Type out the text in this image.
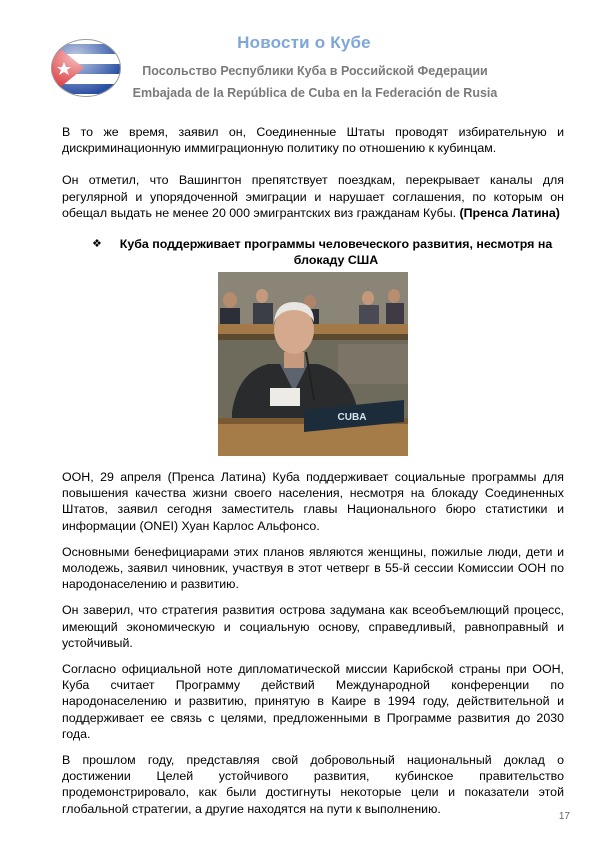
Новости о Кубе
Посольство Республики Куба в Российской Федерации
Embajada de la República de Cuba en la Federación de Rusia

В то же время, заявил он, Соединенные Штаты проводят избирательную и дискриминационную иммиграционную политику по отношению к кубинцам.

Он отметил, что Вашингтон препятствует поездкам, перекрывает каналы для регулярной и упорядоченной эмиграции и нарушает соглашения, по которым он обещал выдать не менее 20 000 эмигрантских виз гражданам Кубы. (Пренса Латина)

❖	Куба поддерживает программы человеческого развития, несмотря на блокаду США
CUBA

ООН, 29 апреля (Пренса Латина) Куба поддерживает социальные программы для повышения качества жизни своего населения, несмотря на блокаду Соединенных Штатов, заявил сегодня заместитель главы Национального бюро статистики и информации (ONEI) Хуан Карлос Альфонсо.

Основными бенефициарами этих планов являются женщины, пожилые люди, дети и молодежь, заявил чиновник, участвуя в этот четверг в 55-й сессии Комиссии ООН по народонаселению и развитию.

Он заверил, что стратегия развития острова задумана как всеобъемлющий процесс, имеющий экономическую и социальную основу, справедливый, равноправный и устойчивый.

Согласно официальной ноте дипломатической миссии Карибской страны при ООН, Куба считает Программу действий Международной конференции по народонаселению и развитию, принятую в Каире в 1994 году, действительной и поддерживает ее связь с целями, предложенными в Программе развития до 2030 года.

В прошлом году, представляя свой добровольный национальный доклад о достижении Целей устойчивого развития, кубинское правительство продемонстрировало, как были достигнуты некоторые цели и показатели этой глобальной стратегии, а другие находятся на пути к выполнению.

17
